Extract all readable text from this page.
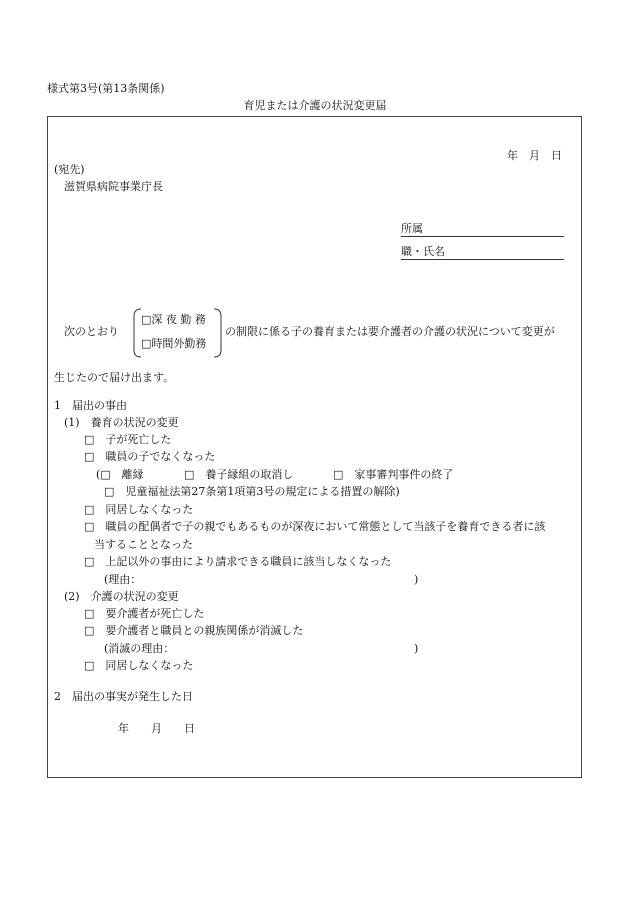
様式第3号(第13条関係)
育児または介護の状況変更届
年　月　日
(宛先)
滋賀県病院事業庁長
所属
職・氏名
次のとおり
□深 夜 勤 務
□時間外勤務
の制限に係る子の養育または要介護者の介護の状況について変更が
生じたので届け出ます。
1　届出の事由
(1)　養育の状況の変更
□　子が死亡した
□　職員の子でなくなった
(□　離縁	□　養子縁組の取消し	□　家事審判事件の終了
□　児童福祉法第27条第1項第3号の規定による措置の解除)
□　同居しなくなった
□　職員の配偶者で子の親でもあるものが深夜において常態として当該子を養育できる者に該
当することとなった
□　上記以外の事由により請求できる職員に該当しなくなった
(理由：	)
(2)　介護の状況の変更
□　要介護者が死亡した
□　要介護者と職員との親族関係が消滅した
(消滅の理由：	)
□　同居しなくなった
2　届出の事実が発生した日
年　　月　　日
